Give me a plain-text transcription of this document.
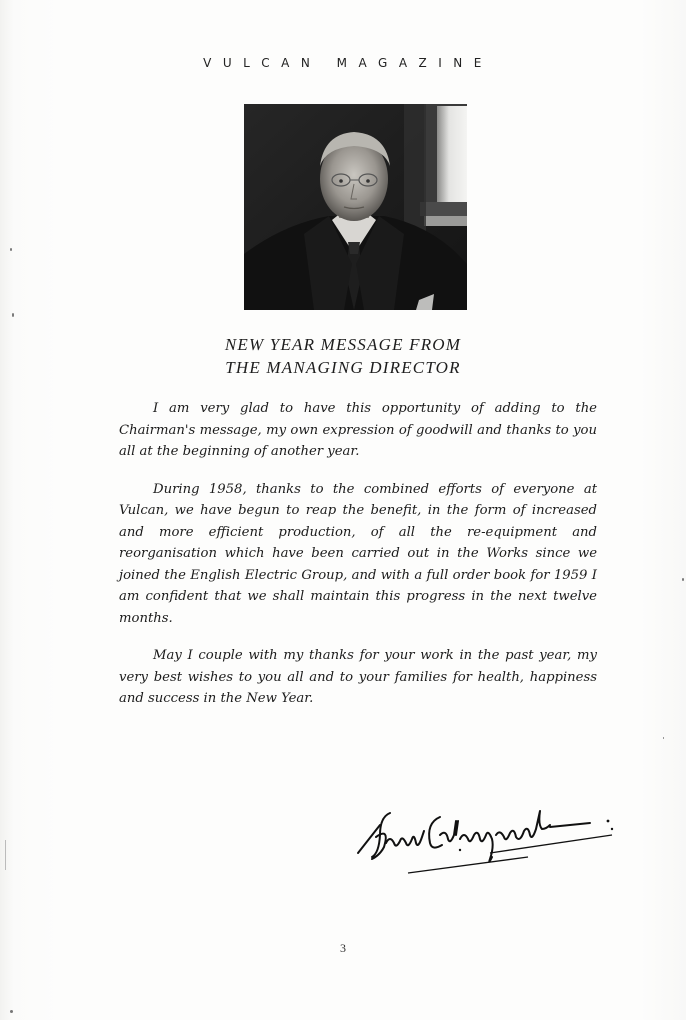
VULCAN MAGAZINE
NEW YEAR MESSAGE FROM
THE MANAGING DIRECTOR

I am very glad to have this opportunity of adding to the Chairman's message, my own expression of goodwill and thanks to you all at the beginning of another year.

During 1958, thanks to the combined efforts of everyone at Vulcan, we have begun to reap the benefit, in the form of increased and more efficient production, of all the re-equipment and reorganisation which have been carried out in the Works since we joined the English Electric Group, and with a full order book for 1959 I am confident that we shall maintain this progress in the next twelve months.

May I couple with my thanks for your work in the past year, my very best wishes to you all and to your families for health, happiness and success in the New Year.

3
